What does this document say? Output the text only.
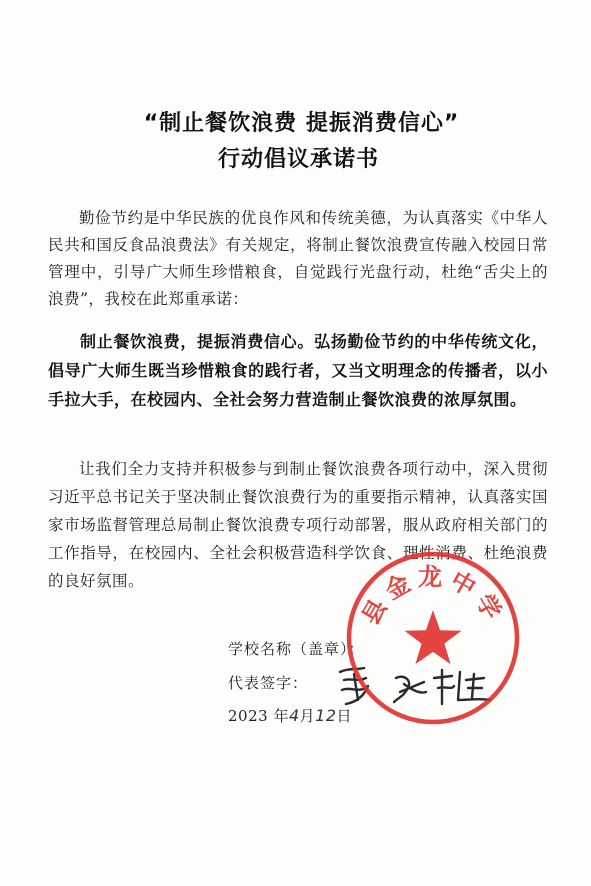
“制止餐饮浪费 提振消费信心”
行动倡议承诺书

勤俭节约是中华民族的优良作风和传统美德，为认真落实《中华人民共和国反食品浪费法》有关规定，将制止餐饮浪费宣传融入校园日常管理中，引导广大师生珍惜粮食，自觉践行光盘行动，杜绝“舌尖上的浪费”，我校在此郑重承诺：

制止餐饮浪费，提振消费信心。弘扬勤俭节约的中华传统文化，倡导广大师生既当珍惜粮食的践行者，又当文明理念的传播者，以小手拉大手，在校园内、全社会努力营造制止餐饮浪费的浓厚氛围。

让我们全力支持并积极参与到制止餐饮浪费各项行动中，深入贯彻习近平总书记关于坚决制止餐饮浪费行为的重要指示精神，认真落实国家市场监督管理总局制止餐饮浪费专项行动部署，服从政府相关部门的工作指导，在校园内、全社会积极营造科学饮食、理性消费、杜绝浪费的良好氛围。

学校名称（盖章）：
代表签字：
2023 年4月12日
县金龙中学
